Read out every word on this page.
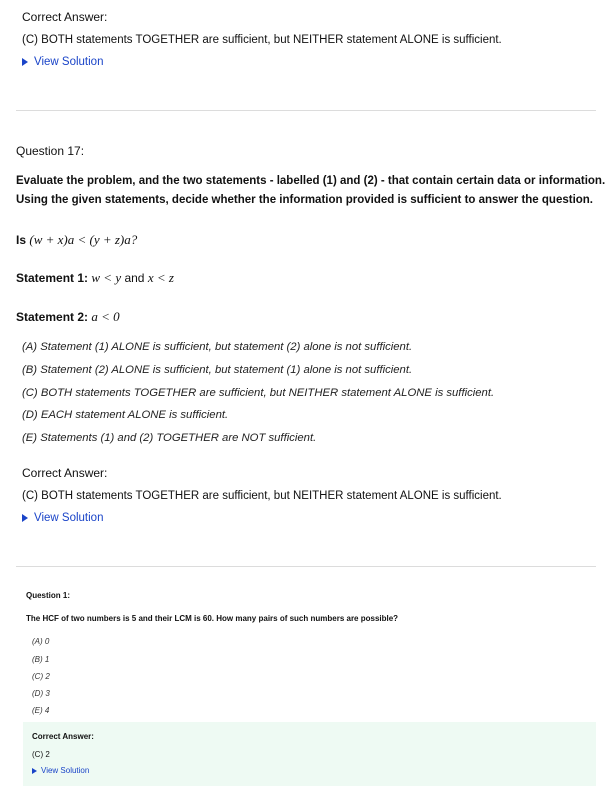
Correct Answer:
(C) BOTH statements TOGETHER are sufficient, but NEITHER statement ALONE is sufficient.
View Solution
Question 17:
Evaluate the problem, and the two statements - labelled (1) and (2) - that contain certain data or information.
Using the given statements, decide whether the information provided is sufficient to answer the question.
Is (w + x)a < (y + z)a?
Statement 1: w < y and x < z
Statement 2: a < 0
(A) Statement (1) ALONE is sufficient, but statement (2) alone is not sufficient.
(B) Statement (2) ALONE is sufficient, but statement (1) alone is not sufficient.
(C) BOTH statements TOGETHER are sufficient, but NEITHER statement ALONE is sufficient.
(D) EACH statement ALONE is sufficient.
(E) Statements (1) and (2) TOGETHER are NOT sufficient.
Correct Answer:
(C) BOTH statements TOGETHER are sufficient, but NEITHER statement ALONE is sufficient.
View Solution
Question 1:
The HCF of two numbers is 5 and their LCM is 60. How many pairs of such numbers are possible?
(A) 0
(B) 1
(C) 2
(D) 3
(E) 4
Correct Answer:
(C) 2
View Solution
